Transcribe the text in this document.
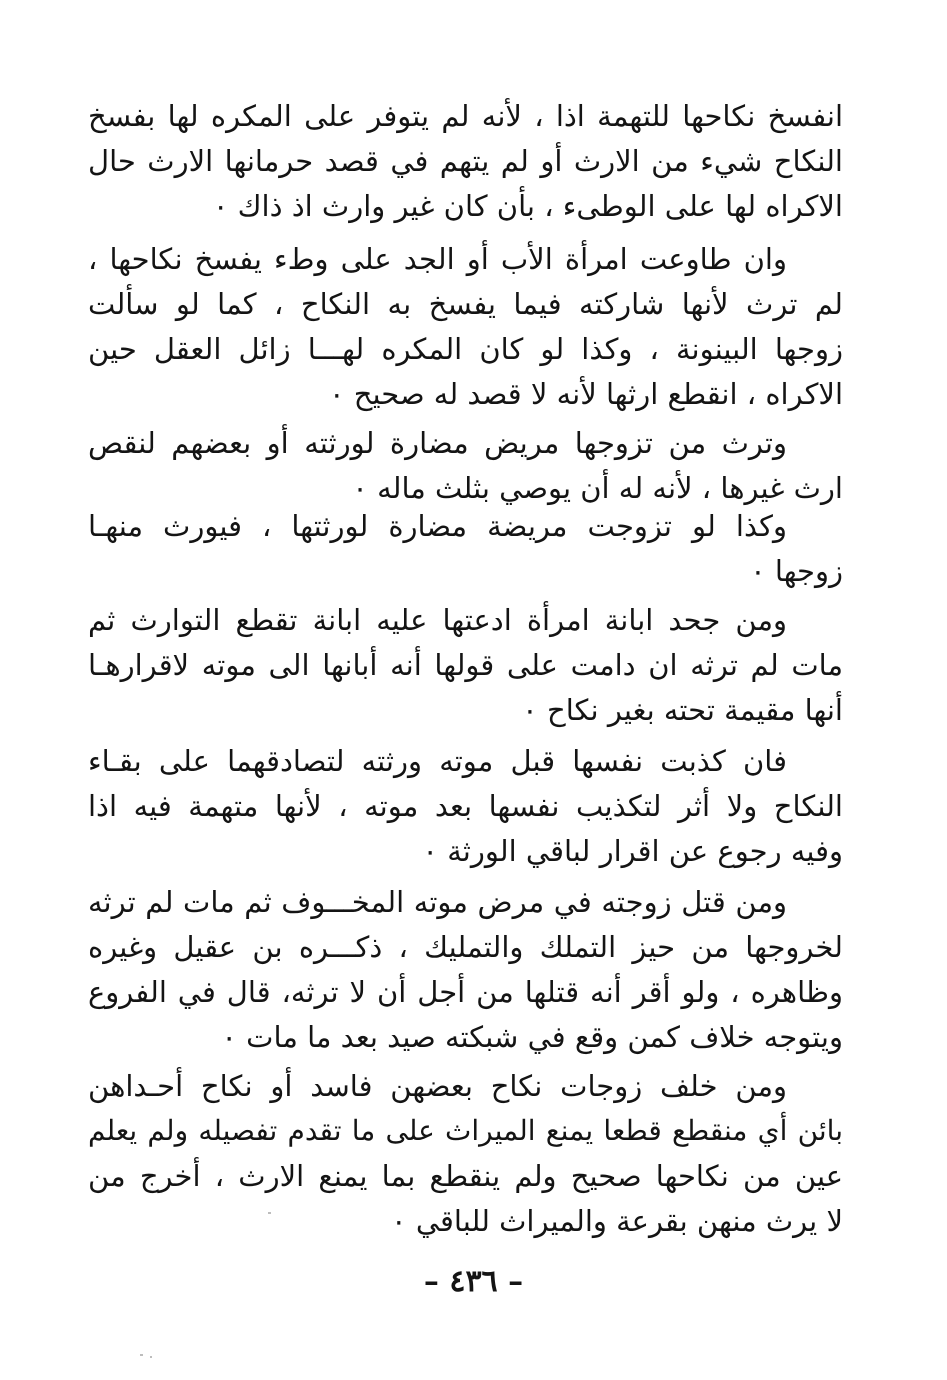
انفسخ نكاحها للتهمة اذا ، لأنه لم يتوفر على المكره لها بفسخ
النكاح شيء من الارث أو لم يتهم في قصد حرمانها الارث حال
الاكراه لها على الوطىء ، بأن كان غير وارث اذ ذاك ٠
وان طاوعت امرأة الأب أو الجد على وطء يفسخ نكاحها ،
لم ترث لأنها شاركته فيما يفسخ به النكاح ، كما لو سألت
زوجها البينونة ، وكذا لو كان المكره لهـــا زائل العقل حين
الاكراه ، انقطع ارثها لأنه لا قصد له صحيح ٠
وترث من تزوجها مريض مضارة لورثته أو بعضهم لنقص
ارث غيرها ، لأنه له أن يوصي بثلث ماله ٠
وكذا لو تزوجت مريضة مضارة لورثتها ، فيورث منهـا
زوجها ٠
ومن جحد ابانة امرأة ادعتها عليه ابانة تقطع التوارث ثم
مات لم ترثه ان دامت على قولها أنه أبانها الى موته لاقرارهـا
أنها مقيمة تحته بغير نكاح ٠
فان كذبت نفسها قبل موته ورثته لتصادقهما على بقـاء
النكاح ولا أثر لتكذيب نفسها بعد موته ، لأنها متهمة فيه اذا
وفيه رجوع عن اقرار لباقي الورثة ٠
ومن قتل زوجته في مرض موته المخـــوف ثم مات لم ترثه
لخروجها من حيز التملك والتمليك ، ذكـــره بن عقيل وغيره
وظاهره ، ولو أقر أنه قتلها من أجل أن لا ترثه، قال في الفروع
ويتوجه خلاف كمن وقع في شبكته صيد بعد ما مات ٠
ومن خلف زوجات نكاح بعضهن فاسد أو نكاح أحـداهن
بائن أي منقطع قطعا يمنع الميراث على ما تقدم تفصيله ولم يعلم
عين من نكاحها صحيح ولم ينقطع بما يمنع الارث ، أخرج من
لا يرث منهن بقرعة والميراث للباقي ٠
– ٤٣٦ –
